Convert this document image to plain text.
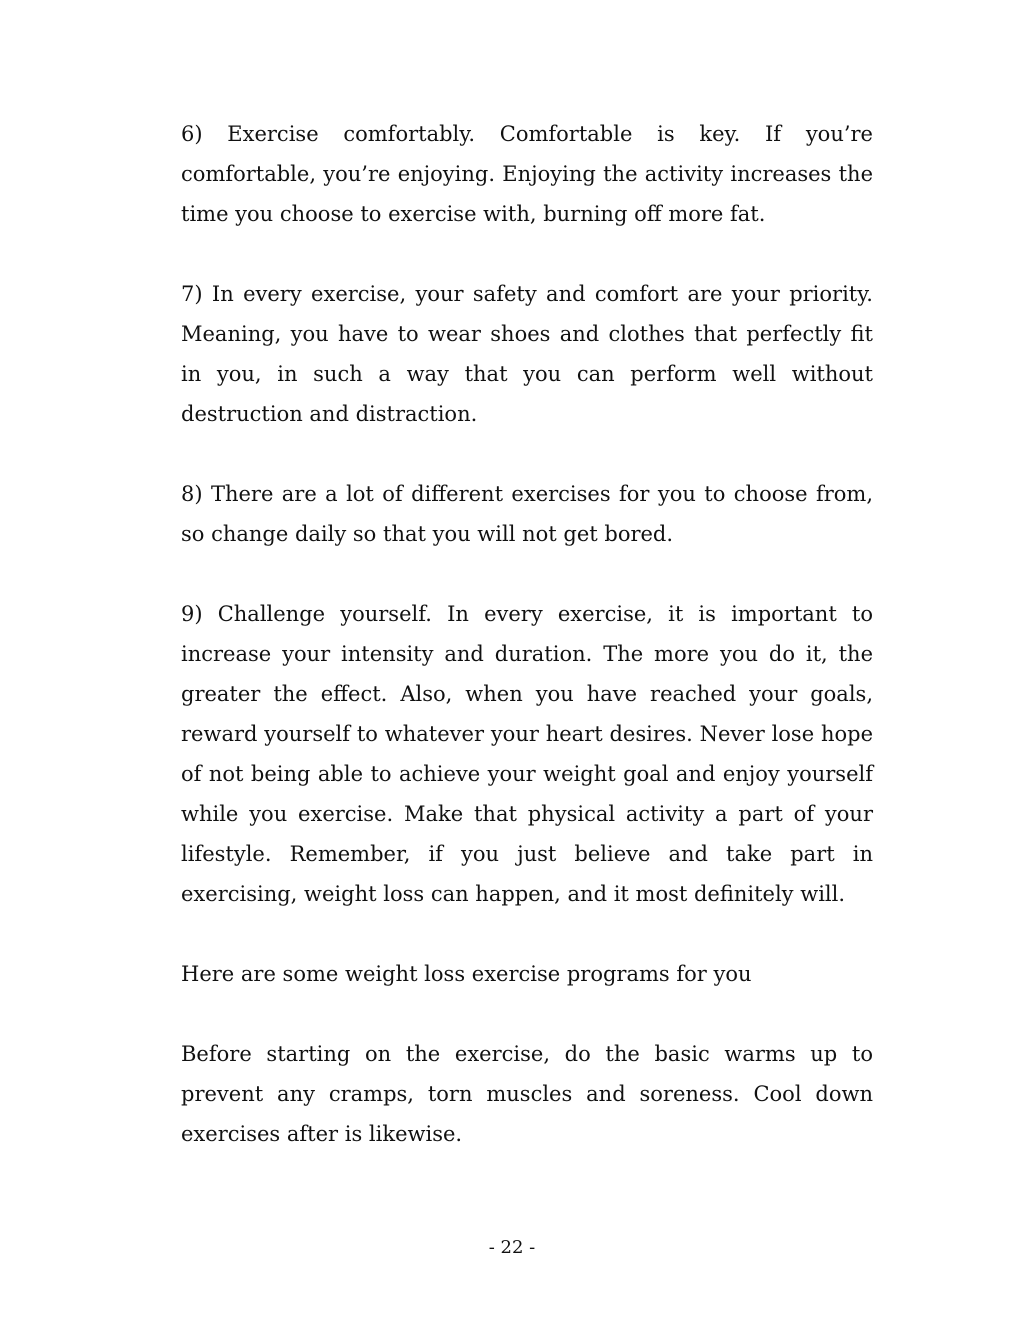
6) Exercise comfortably. Comfortable is key. If you’re comfortable, you’re enjoying. Enjoying the activity increases the time you choose to exercise with, burning off more fat.

7) In every exercise, your safety and comfort are your priority. Meaning, you have to wear shoes and clothes that perfectly fit in you, in such a way that you can perform well without destruction and distraction.

8) There are a lot of different exercises for you to choose from, so change daily so that you will not get bored.

9) Challenge yourself. In every exercise, it is important to increase your intensity and duration. The more you do it, the greater the effect. Also, when you have reached your goals, reward yourself to whatever your heart desires. Never lose hope of not being able to achieve your weight goal and enjoy yourself while you exercise. Make that physical activity a part of your lifestyle. Remember, if you just believe and take part in exercising, weight loss can happen, and it most definitely will.

Here are some weight loss exercise programs for you

Before starting on the exercise, do the basic warms up to prevent any cramps, torn muscles and soreness. Cool down exercises after is likewise.

- 22 -
